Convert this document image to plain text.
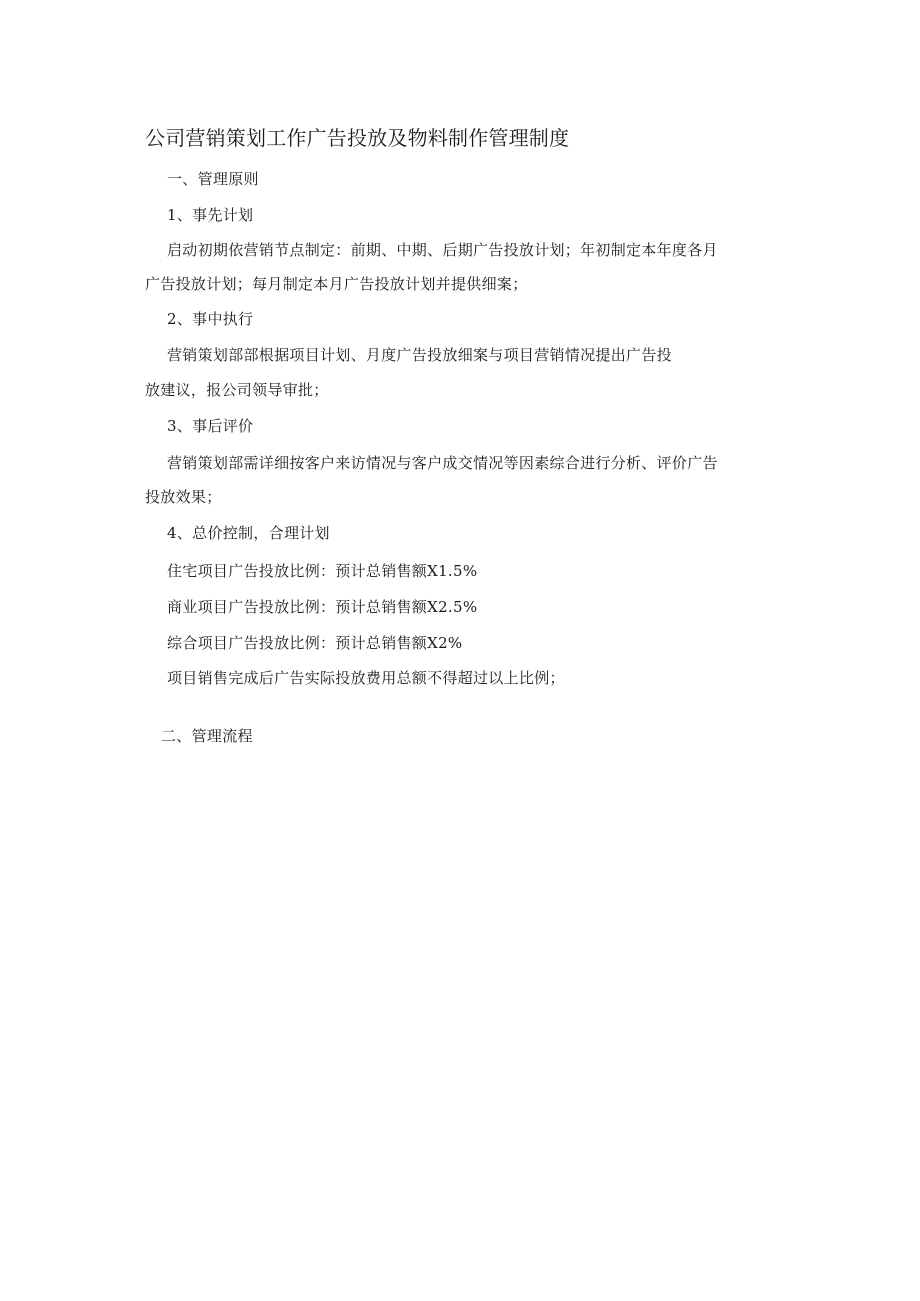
公司营销策划工作广告投放及物料制作管理制度
一、管理原则
1、事先计划
启动初期依营销节点制定：前期、中期、后期广告投放计划；年初制定本年度各月
广告投放计划；每月制定本月广告投放计划并提供细案；
2、事中执行
营销策划部部根据项目计划、月度广告投放细案与项目营销情况提出广告投
放建议，报公司领导审批；
3、事后评价
营销策划部需详细按客户来访情况与客户成交情况等因素综合进行分析、评价广告
投放效果；
4、总价控制，合理计划
住宅项目广告投放比例：预计总销售额X1.5%
商业项目广告投放比例：预计总销售额X2.5%
综合项目广告投放比例：预计总销售额X2%
项目销售完成后广告实际投放费用总额不得超过以上比例；
二、管理流程
